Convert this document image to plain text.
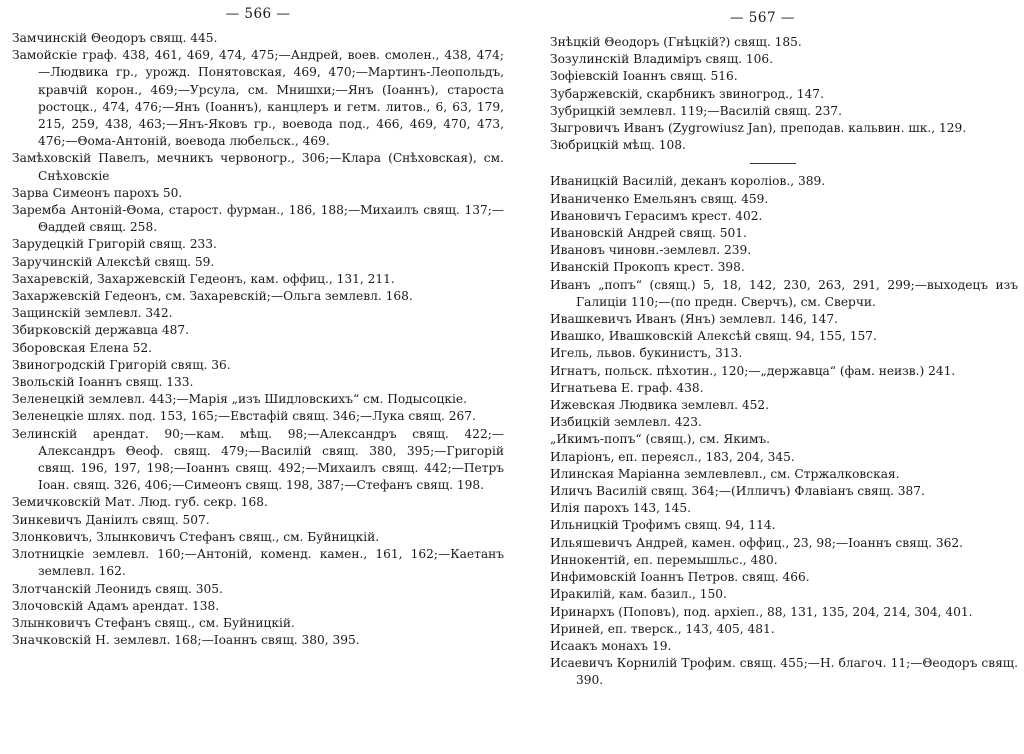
— 566 —
Замчинскій Θеодоръ свящ. 445.
Замойскіе граф. 438, 461, 469, 474, 475;—Андрей, воев. смолен., 438, 474;—Людвика гр., урожд. Понятовская, 469, 470;—Мартинъ-Леопольдъ, кравчій корон., 469;—Урсула, см. Мнишхи;—Янъ (Іоаннъ), староста ростоцк., 474, 476;—Янъ (Іоаннъ), канцлеръ и гетм. литов., 6, 63, 179, 215, 259, 438, 463;—Янъ-Яковъ гр., воевода под., 466, 469, 470, 473, 476;—Θома-Антоній, воевода любельск., 469.
Замѣховскій Павелъ, мечникъ червоногр., 306;—Клара (Снѣховская), см. Снѣховскіе
Зарва Симеонъ парохъ 50.
Заремба Антоній-Θома, старост. фурман., 186, 188;—Михаилъ свящ. 137;—Θаддей свящ. 258.
Зарудецкій Григорій свящ. 233.
Заручинскій Алексѣй свящ. 59.
Захаревскій, Захаржевскій Гедеонъ, кам. оффиц., 131, 211.
Захаржевскій Гедеонъ, см. Захаревскій;—Ольга землевл. 168.
Защинскій землевл. 342.
Збирковскій державца 487.
Зборовская Елена 52.
Звиногродскій Григорій свящ. 36.
Звольскій Іоаннъ свящ. 133.
Зеленецкій землевл. 443;—Марія „изъ Шидловскихъ“ см. Подысоцкіе.
Зеленецкіе шлях. под. 153, 165;—Евстафій свящ. 346;—Лука свящ. 267.
Зелинскій арендат. 90;—кам. мѣщ. 98;—Александръ свящ. 422;—Александръ Θеоф. свящ. 479;—Василій свящ. 380, 395;—Григорій свящ. 196, 197, 198;—Іоаннъ свящ. 492;—Михаилъ свящ. 442;—Петръ Іоан. свящ. 326, 406;—Симеонъ свящ. 198, 387;—Стефанъ свящ. 198.
Земичковскій Мат. Люд. губ. секр. 168.
Зинкевичъ Даніилъ свящ. 507.
Злонковичъ, Злынковичъ Стефанъ свящ., см. Буйницкій.
Злотницкіе землевл. 160;—Антоній, коменд. камен., 161, 162;—Каетанъ землевл. 162.
Злотчанскій Леонидъ свящ. 305.
Злочовскій Адамъ арендат. 138.
Злынковичъ Стефанъ свящ., см. Буйницкій.
Значковскій Н. землевл. 168;—Іоаннъ свящ. 380, 395.
— 567 —
Знѣцкій Θеодоръ (Гнѣцкій?) свящ. 185.
Зозулинскій Владиміръ свящ. 106.
Зофіевскій Іоаннъ свящ. 516.
Зубаржевскій, скарбникъ звиногрод., 147.
Зубрицкій землевл. 119;—Василій свящ. 237.
Зыгровичъ Иванъ (Zygrowiusz Jan), преподав. кальвин. шк., 129.
Зюбрицкій мѣщ. 108.
Иваницкій Василій, деканъ короліов., 389.
Иваниченко Емельянъ свящ. 459.
Ивановичъ Герасимъ крест. 402.
Ивановскій Андрей свящ. 501.
Ивановъ чиновн.-землевл. 239.
Иванскій Прокопъ крест. 398.
Иванъ „попъ“ (свящ.) 5, 18, 142, 230, 263, 291, 299;—выходецъ изъ Галиціи 110;—(по предн. Сверчъ), см. Сверчи.
Ивашкевичъ Иванъ (Янъ) землевл. 146, 147.
Ивашко, Ивашковскій Алексѣй свящ. 94, 155, 157.
Игель, львов. букинистъ, 313.
Игнатъ, польск. пѣхотин., 120;—„державца“ (фам. неизв.) 241.
Игнатьева Е. граф. 438.
Ижевская Людвика землевл. 452.
Избицкій землевл. 423.
„Икимъ-попъ“ (свящ.), см. Якимъ.
Иларіонъ, еп. переясл., 183, 204, 345.
Илинская Маріанна землевлевл., см. Стржалковская.
Иличъ Василій свящ. 364;—(Илличъ) Флавіанъ свящ. 387.
Илія парохъ 143, 145.
Ильницкій Трофимъ свящ. 94, 114.
Ильяшевичъ Андрей, камен. оффиц., 23, 98;—Іоаннъ свящ. 362.
Иннокентій, еп. перемышльс., 480.
Инфимовскій Іоаннъ Петров. свящ. 466.
Иракилій, кам. базил., 150.
Иринархъ (Поповъ), под. архіеп., 88, 131, 135, 204, 214, 304, 401.
Ириней, еп. тверск., 143, 405, 481.
Исаакъ монахъ 19.
Исаевичъ Корнилій Трофим. свящ. 455;—Н. благоч. 11;—Θеодоръ свящ. 390.
